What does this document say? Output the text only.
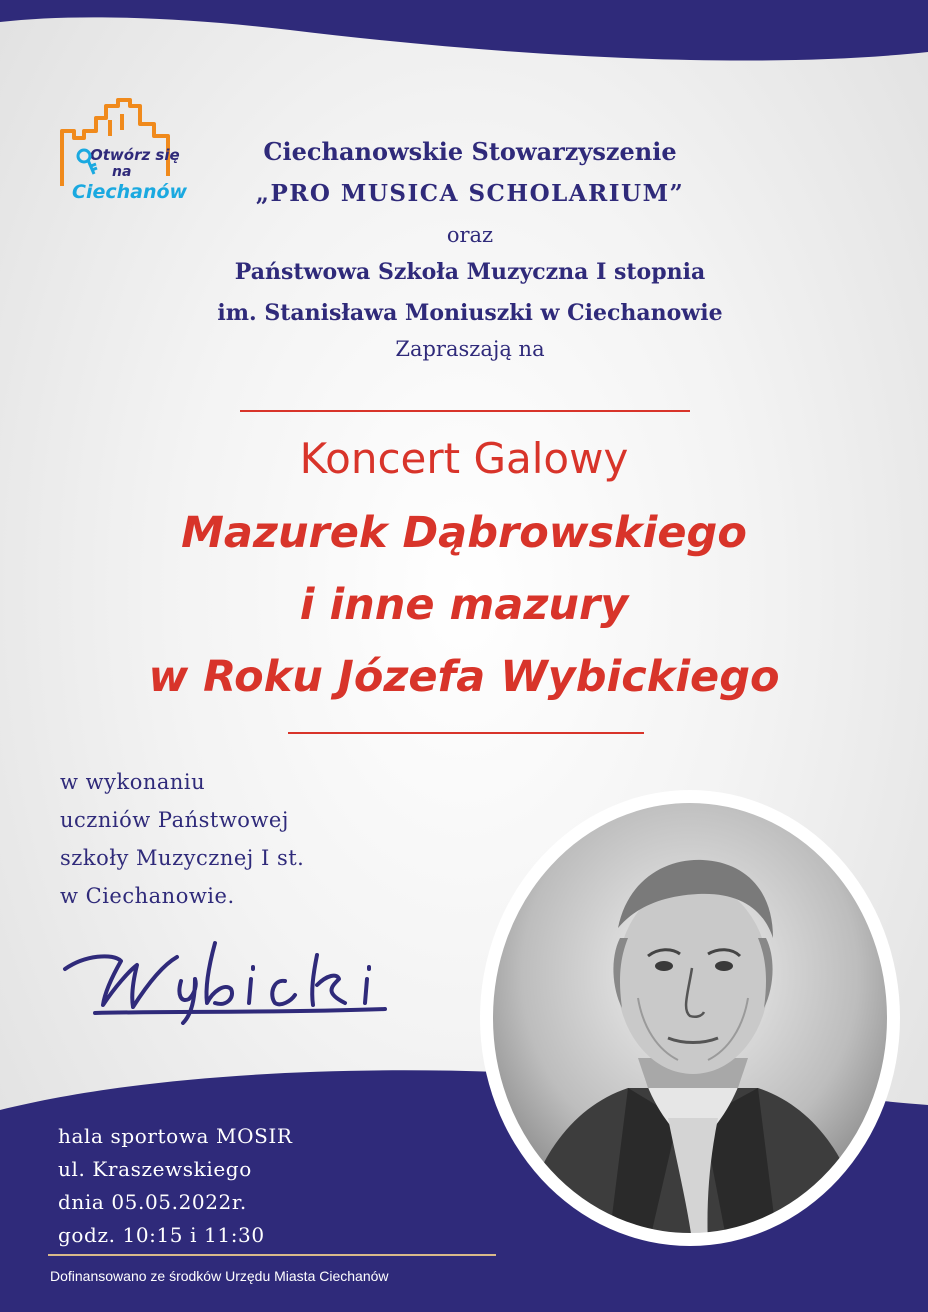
Otwórz się
na
Ciechanów
Ciechanowskie Stowarzyszenie
„PRO MUSICA SCHOLARIUM”
oraz
Państwowa Szkoła Muzyczna I stopnia
im. Stanisława Moniuszki w Ciechanowie
Zapraszają na
Koncert Galowy
Mazurek Dąbrowskiego
i inne mazury
w Roku Józefa Wybickiego
w wykonaniu
uczniów Państwowej
szkoły Muzycznej I st.
w Ciechanowie.
hala sportowa MOSIR
ul. Kraszewskiego
dnia 05.05.2022r.
godz. 10:15 i 11:30
Dofinansowano ze środków Urzędu Miasta Ciechanów
